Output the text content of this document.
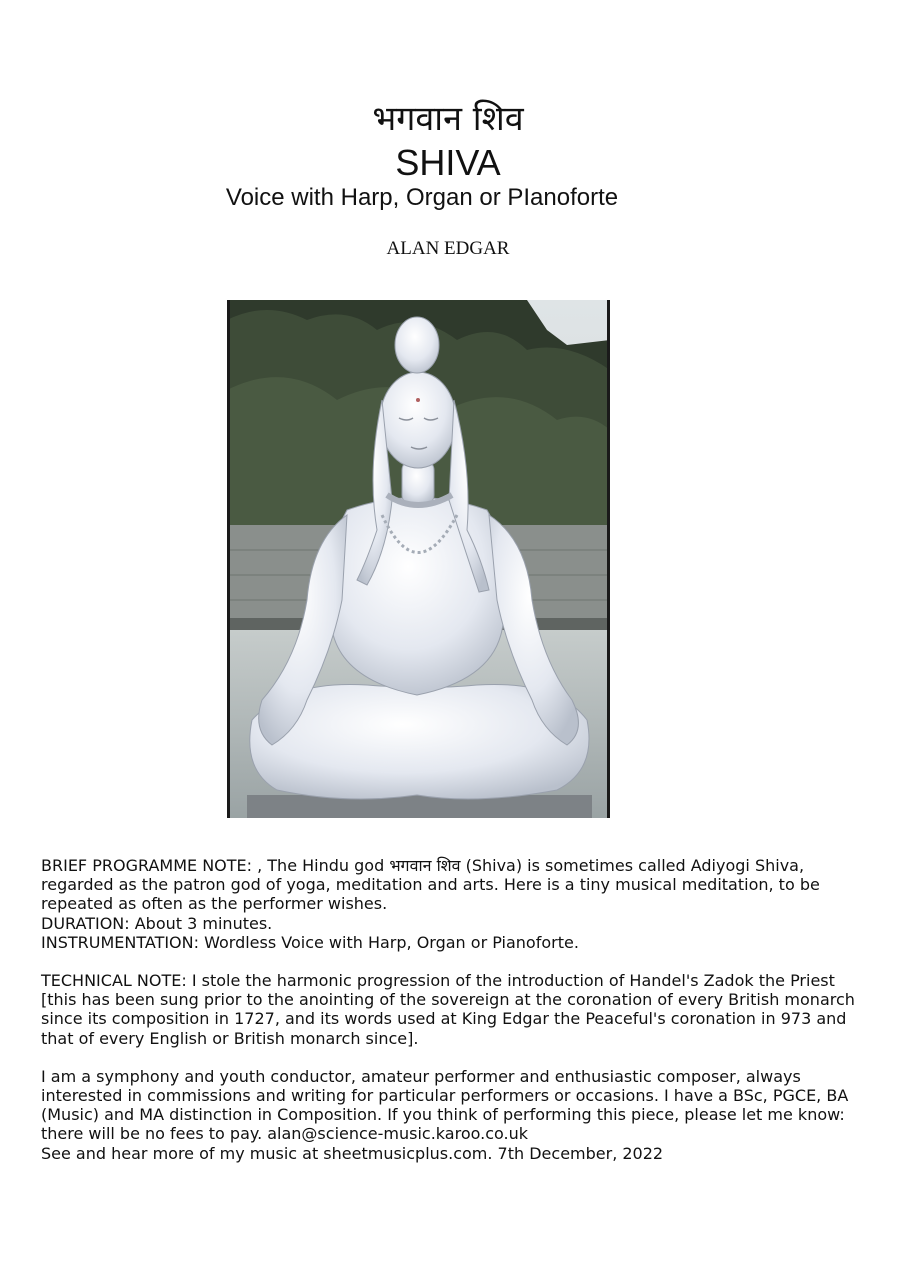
भगवान शिव
SHIVA
Voice with Harp, Organ or PIanoforte
ALAN EDGAR

BRIEF PROGRAMME NOTE: , The Hindu god भगवान शिव (Shiva) is sometimes called Adiyogi Shiva, regarded as the patron god of yoga, meditation and arts. Here is a tiny musical meditation, to be repeated as often as the performer wishes.

DURATION: About 3 minutes.

INSTRUMENTATION: Wordless Voice with Harp, Organ or Pianoforte.

TECHNICAL NOTE: I stole the harmonic progression of the introduction of Handel's Zadok the Priest [this has been sung prior to the anointing of the sovereign at the coronation of every British monarch since its composition in 1727, and its words used at King Edgar the Peaceful's coronation in 973 and that of every English or British monarch since].

I am a symphony and youth conductor, amateur performer and enthusiastic composer, always interested in commissions and writing for particular performers or occasions. I have a BSc, PGCE, BA (Music) and MA distinction in Composition. If you think of performing this piece, please let me know: there will be no fees to pay. alan@science-music.karoo.co.uk

See and hear more of my music at sheetmusicplus.com. 7th December, 2022
